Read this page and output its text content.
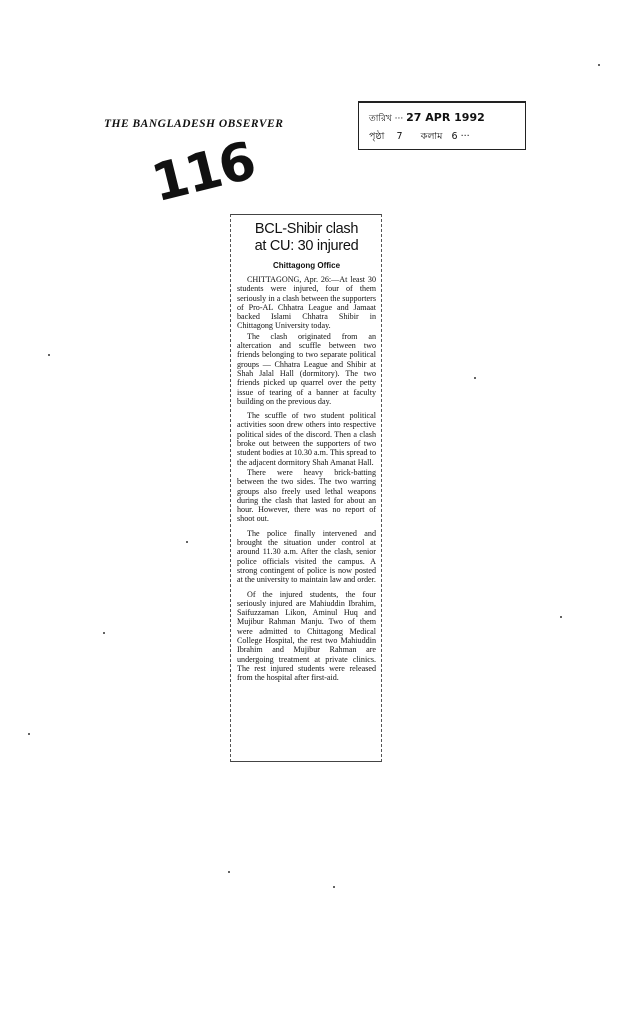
THE BANGLADESH OBSERVER	তারিখ ··· 27 APR 1992
পৃষ্ঠা 7 কলাম 6 ···
116
BCL-Shibir clash
at CU: 30 injured
Chittagong Office

CHITTAGONG, Apr. 26:—At least 30 students were injured, four of them seriously in a clash between the supporters of Pro-AL Chhatra League and Jamaat backed Islami Chhatra Shibir in Chittagong University today.

The clash originated from an altercation and scuffle between two friends belonging to two separate political groups — Chhatra League and Shibir at Shah Jalal Hall (dormitory). The two friends picked up quarrel over the petty issue of tearing of a banner at faculty building on the previous day.

The scuffle of two student political activities soon drew others into respective political sides of the discord. Then a clash broke out between the supporters of two student bodies at 10.30 a.m. This spread to the adjacent dormitory Shah Amanat Hall.

There were heavy brick-batting between the two sides. The two warring groups also freely used lethal weapons during the clash that lasted for about an hour. However, there was no report of shoot out.

The police finally intervened and brought the situation under control at around 11.30 a.m. After the clash, senior police officials visited the campus. A strong contingent of police is now posted at the university to maintain law and order.

Of the injured students, the four seriously injured are Mahiuddin Ibrahim, Saifuzzaman Likon, Aminul Huq and Mujibur Rahman Manju. Two of them were admitted to Chittagong Medical College Hospital, the rest two Mahiuddin Ibrahim and Mujibur Rahman are undergoing treatment at private clinics. The rest injured students were released from the hospital after first-aid.
